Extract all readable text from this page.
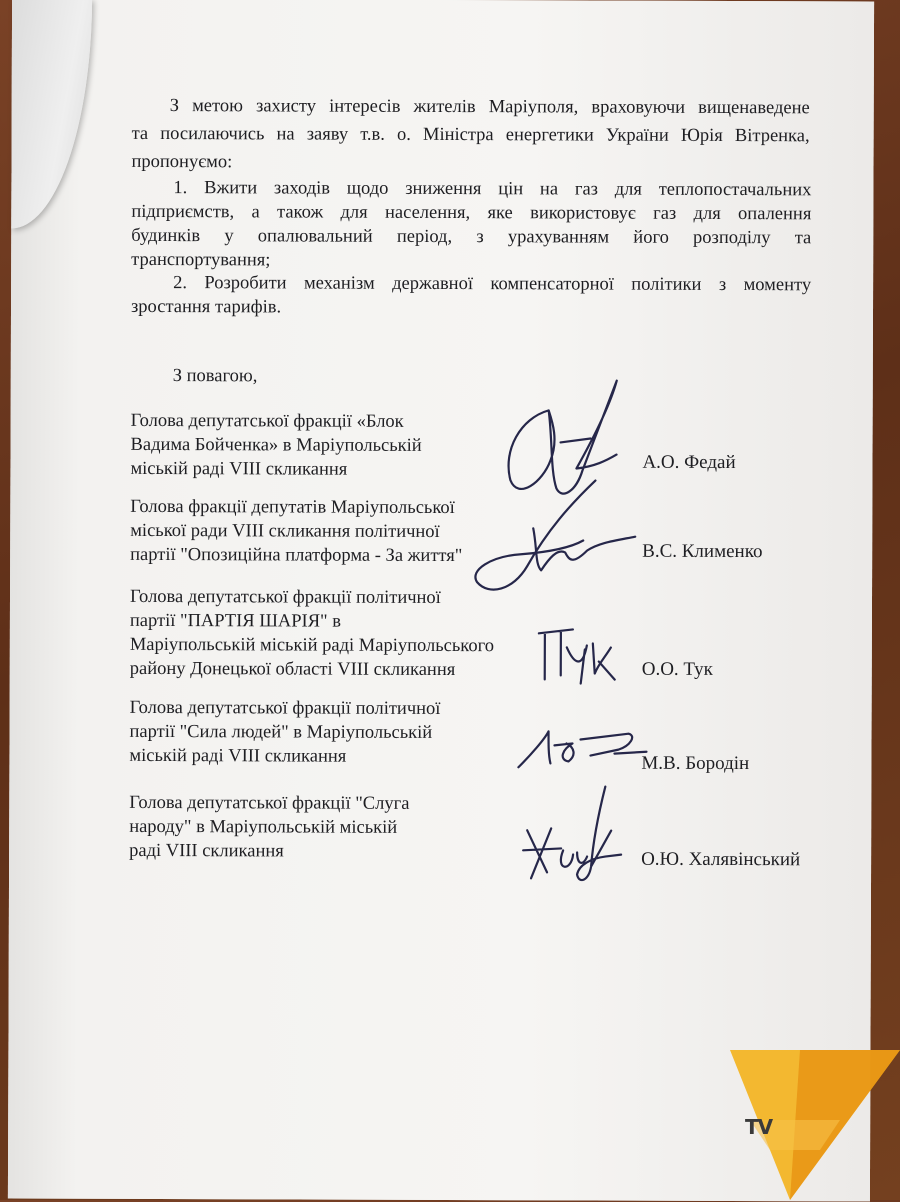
З метою захисту інтересів жителів Маріуполя, враховуючи вищенаведене
та посилаючись на заяву т.в. о. Міністра енергетики України Юрія Вітренка,
пропонуємо:
1. Вжити заходів щодо зниження цін на газ для теплопостачальних
підприємств, а також для населення, яке використовує газ для опалення
будинків у опалювальний період, з урахуванням його розподілу та
транспортування;
2. Розробити механізм державної компенсаторної політики з моменту
зростання тарифів.
З повагою,
Голова депутатської фракції «Блок
Вадима Бойченка» в Маріупольській
міській раді VIII скликання	А.О. Федай
Голова фракції депутатів Маріупольської
міської ради VIII скликання політичної
партії "Опозиційна платформа - За життя"	В.С. Клименко
Голова депутатської фракції політичної
партії "ПАРТІЯ ШАРІЯ" в
Маріупольській міській раді Маріупольського
району Донецької області VIII скликання	О.О. Тук
Голова депутатської фракції політичної
партії "Сила людей" в Маріупольській
міській раді VIII скликання	М.В. Бородін
Голова депутатської фракції "Слуга
народу" в Маріупольській міській
раді VIII скликання	О.Ю. Халявінський
TV
